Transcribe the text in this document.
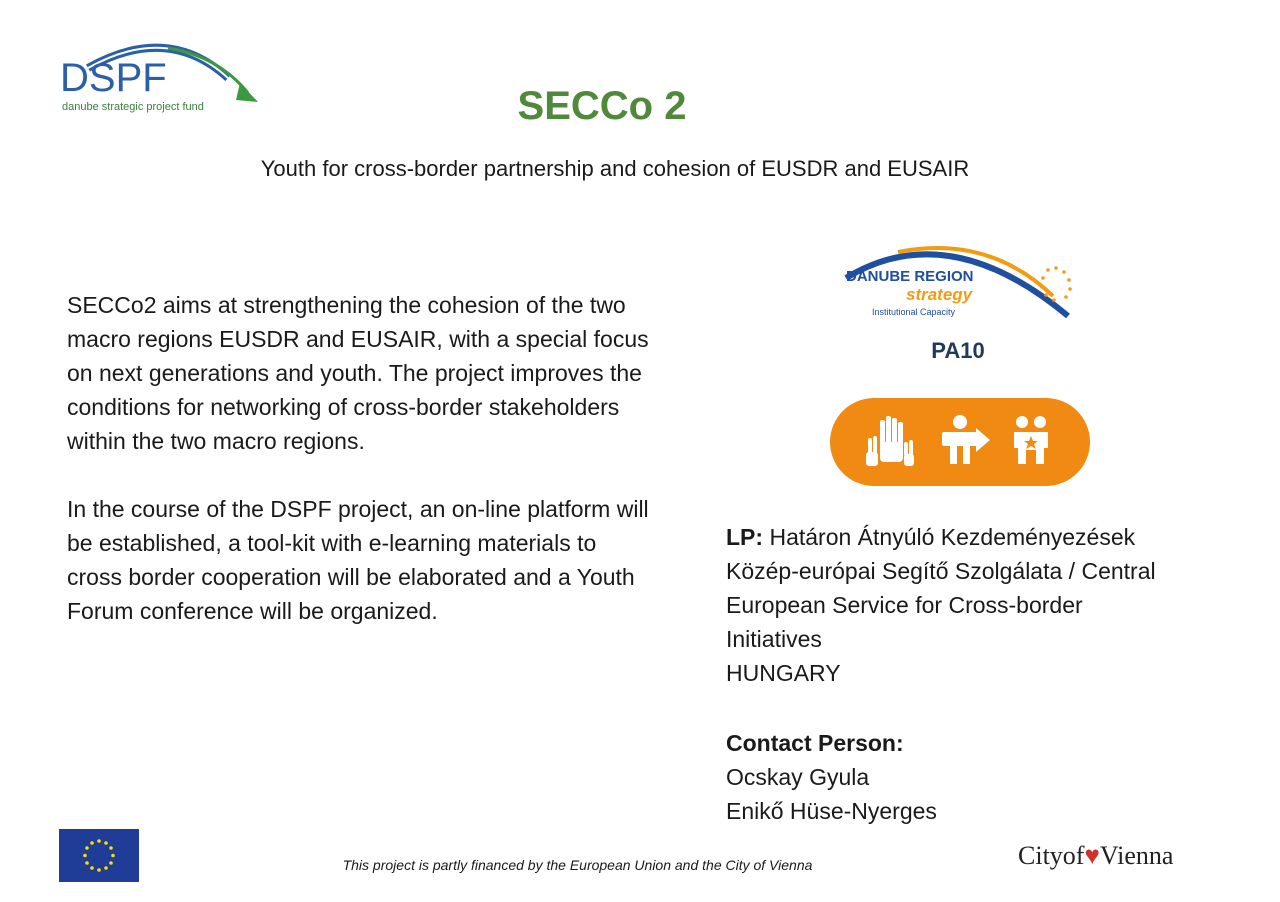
DSPF
danube strategic project fund	SECCo 2
Youth for cross-border partnership and cohesion of EUSDR and EUSAIR

SECCo2 aims at strengthening the cohesion of the two macro regions EUSDR and EUSAIR, with a special focus on next generations and youth. The project improves the conditions for networking of cross-border stakeholders within the two macro regions.

In the course of the DSPF project, an on-line platform will be established, a tool-kit with e-learning materials to cross border cooperation will be elaborated and a Youth Forum conference will be organized.

DANUBE REGION
strategy
Institutional Capacity
PA10
LP: Határon Átnyúló Kezdeményezések
Közép-európai Segítő Szolgálata / Central
European Service for Cross-border
Initiatives
HUNGARY
Contact Person:
Ocskay Gyula
Enikő Hüse-Nyerges
This project is partly financed by the European Union and the City of Vienna	Cityof♥Vienna
